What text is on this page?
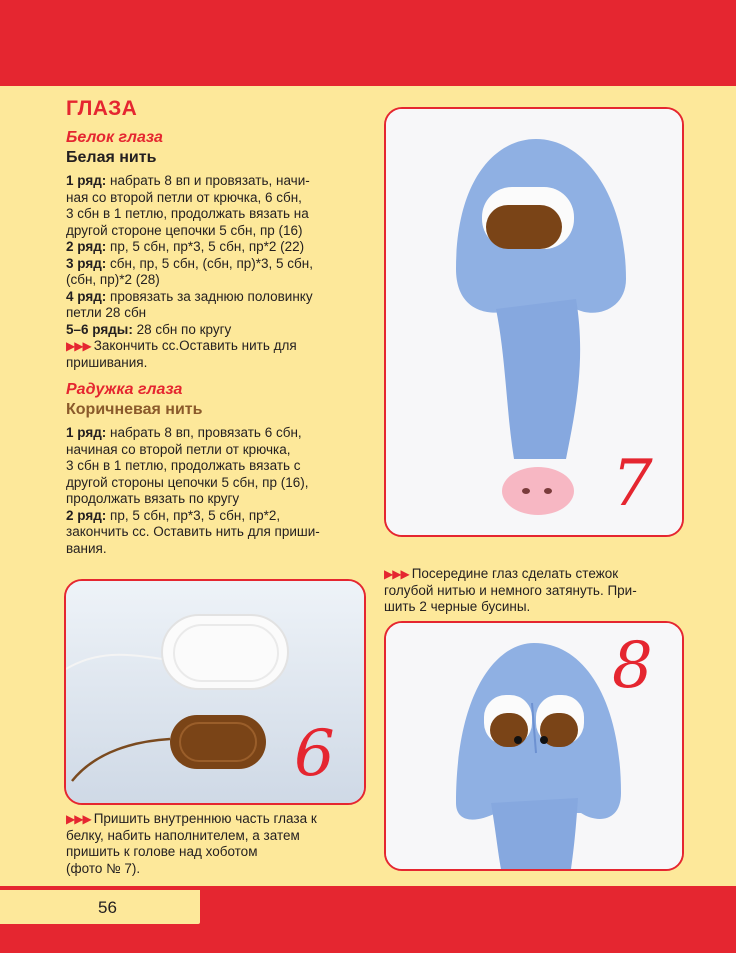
ГЛАЗА
Белок глаза
Белая нить

1 ряд: набрать 8 вп и провязать, начи-
ная со второй петли от крючка, 6 сбн,
3 сбн в 1 петлю, продолжать вязать на
другой стороне цепочки 5 сбн, пр (16)

2 ряд: пр, 5 сбн, пр*3, 5 сбн, пр*2 (22)

3 ряд: сбн, пр, 5 сбн, (сбн, пр)*3, 5 сбн,
(сбн, пр)*2 (28)

4 ряд: провязать за заднюю половинку
петли 28 сбн

5–6 ряды: 28 сбн по кругу

▶▶▶ Закончить сс.Оставить нить для
пришивания.

Радужка глаза
Коричневая нить

1 ряд: набрать 8 вп, провязать 6 сбн,
начиная со второй петли от крючка,
3 сбн в 1 петлю, продолжать вязать с
другой стороны цепочки 5 сбн, пр (16),
продолжать вязать по кругу

2 ряд: пр, 5 сбн, пр*3, 5 сбн, пр*2,
закончить сс. Оставить нить для приши-
вания.

6
▶▶▶ Пришить внутреннюю часть глаза к
белку, набить наполнителем, а затем
пришить к голове над хоботом
(фото № 7).
7
▶▶▶ Посередине глаз сделать стежок
голубой нитью и немного затянуть. При-
шить 2 черные бусины.
8
56
